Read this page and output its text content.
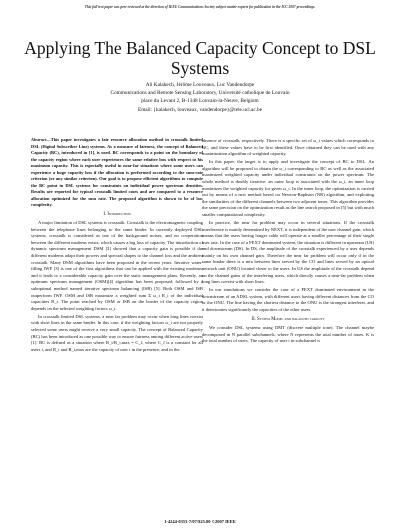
This full text paper was peer reviewed at the direction of IEEE Communications Society subject matter experts for publication in the ICC 2007 proceedings.
Applying The Balanced Capacity Concept to DSL Systems
Ali Kalakech, Jérôme Louveaux, Luc Vandendorpe
Communications and Remote Sensing Laboratory, Université catholique de Louvain
place du Levant 2, B-1348 Louvain-la-Neuve, Belgium
Email: {kalakech, louveaux, vandendorpe}@tele.ucl.ac.be

Abstract—This paper investigates a fair resource allocation method in crosstalk limited DSL (Digital Subscriber Line) systems. As a measure of fairness, the concept of Balanced Capacity (BC), introduced in [1], is used. BC corresponds to a point on the boundary of the capacity region where each user experiences the same relative loss with respect to his maximum capacity. This is especially useful in near-far situations where some users can experience a huge capacity loss if the allocation is performed according to the sum-rate criterion (or any similar criterion). Our goal is to propose efficient algorithms to compute the BC point in DSL systems for constraints on individual power spectrum densities. Results are reported for typical crosstalk limited cases and are compared to a resource allocation optimized for the sum rate. The proposed algorithm is shown to be of low complexity.

I. Introduction

A major limitation of DSL systems is crosstalk. Crosstalk is the electromagnetic coupling between the telephone lines belonging to the same binder. In currently deployed DSL systems, crosstalk is considered as one of the background noises, and no cooperation between the different modems exists, which causes a big loss of capacity. The introduction of dynamic spectrum management DSM [2] showed that a capacity gain is possible if the different modems adapt their powers and spectral shapes to the channel loss and the ambient crosstalk. Many DSM algorithms have been proposed in the recent years. Iterative water-filling IWF [3] is one of the first algorithms that can be applied with the existing modems, and it leads to a considerable capacity gain over the static management plans. Recently, an optimum spectrum management (OSM)[4] algorithm has been proposed, followed by a suboptimal method named iterative spectrum balancing (ISB) [5]. Both OSM and ISB outperform IWF. OSM and ISB maximize a weighted sum Σ ω_i R_i of the individual capacities R_i. The point reached by OSM or ISB on the border of the capacity region depends on the selected weighting factors ω_i.

In crosstalk limited DSL systems, a near far problem may occur when long lines coexist with short lines in the same binder. In this case, if the weighting factors ω_i are not properly selected some users might receive a very small capacity. The concept of Balanced Capacity (BC) has been introduced as one possible way to ensure fairness among different active users [1]. BC is defined as a situation where R_i/R_i,max = C_f, where C_f is a constant for all users i, and R_i and R_i,max are the capacity of user i in the presence, and in the

absence of crosstalk, respectively. There is a specific set of ω_i values which corresponds to BC, and these values have to be first identified. Once obtained they can be used with any maximization algorithm of weighted capacity.

In this paper, the target is to apply and investigate the concept of BC to DSL. An algorithm will be proposed to obtain the ω_i corresponding to BC as well as the associated maximized weighted capacity under individual constraints on the power spectrum. The whole method is doubly iterative: an outer loop is associated with the ω_i, an inner loop maximizes the weighted capacity for given ω_i. In the inner loop, the optimization is carried out by means of a new method based on Newton-Raphson (NR) algorithm, and exploiting the similarities of the different channels between two adjacent tones. This algorithm provides the same precision on the optimization result as the line search proposed in [5] but with much smaller computational complexity.

In practice, the near far problem may occur in several situations. If the crosstalk interference is mainly determined by NEXT, it is independent of the user channel gain, which means that the users having longer cable will operate at a smaller percentage of their single user rate. In the case of a FEXT dominated system, the situation is different in upstream (US) and downstream (DS). In DS, the amplitude of the crosstalk experienced by a user depends mainly on his own channel gain. Therefore the near far problem will occur only if in the same binder there is a mix between lines served by the CO and lines served by an optical network unit (ONU) located closer to the users. In US the amplitude of the crosstalk depend on the channel gains of the interfering users, which directly causes a near-far problem when long lines coexist with short lines.

In our simulations we consider the case of a FEXT dominated environment in the downstream of an ADSL system, with different users having different distances from the CO or the ONU. The line having the shortest distance to the ONU is the strongest interferer, and it deteriorates significantly the capacities of the other users.

II. System Model and balanced capacity

We consider DSL systems using DMT (discrete multiple tone). The channel maybe decomposed in N parallel subchannels, where N represents the total number of tones. K is the total number of users. The capacity of user i in subchannel n

1-4244-0353-7/07/$25.00 ©2007 IEEE
